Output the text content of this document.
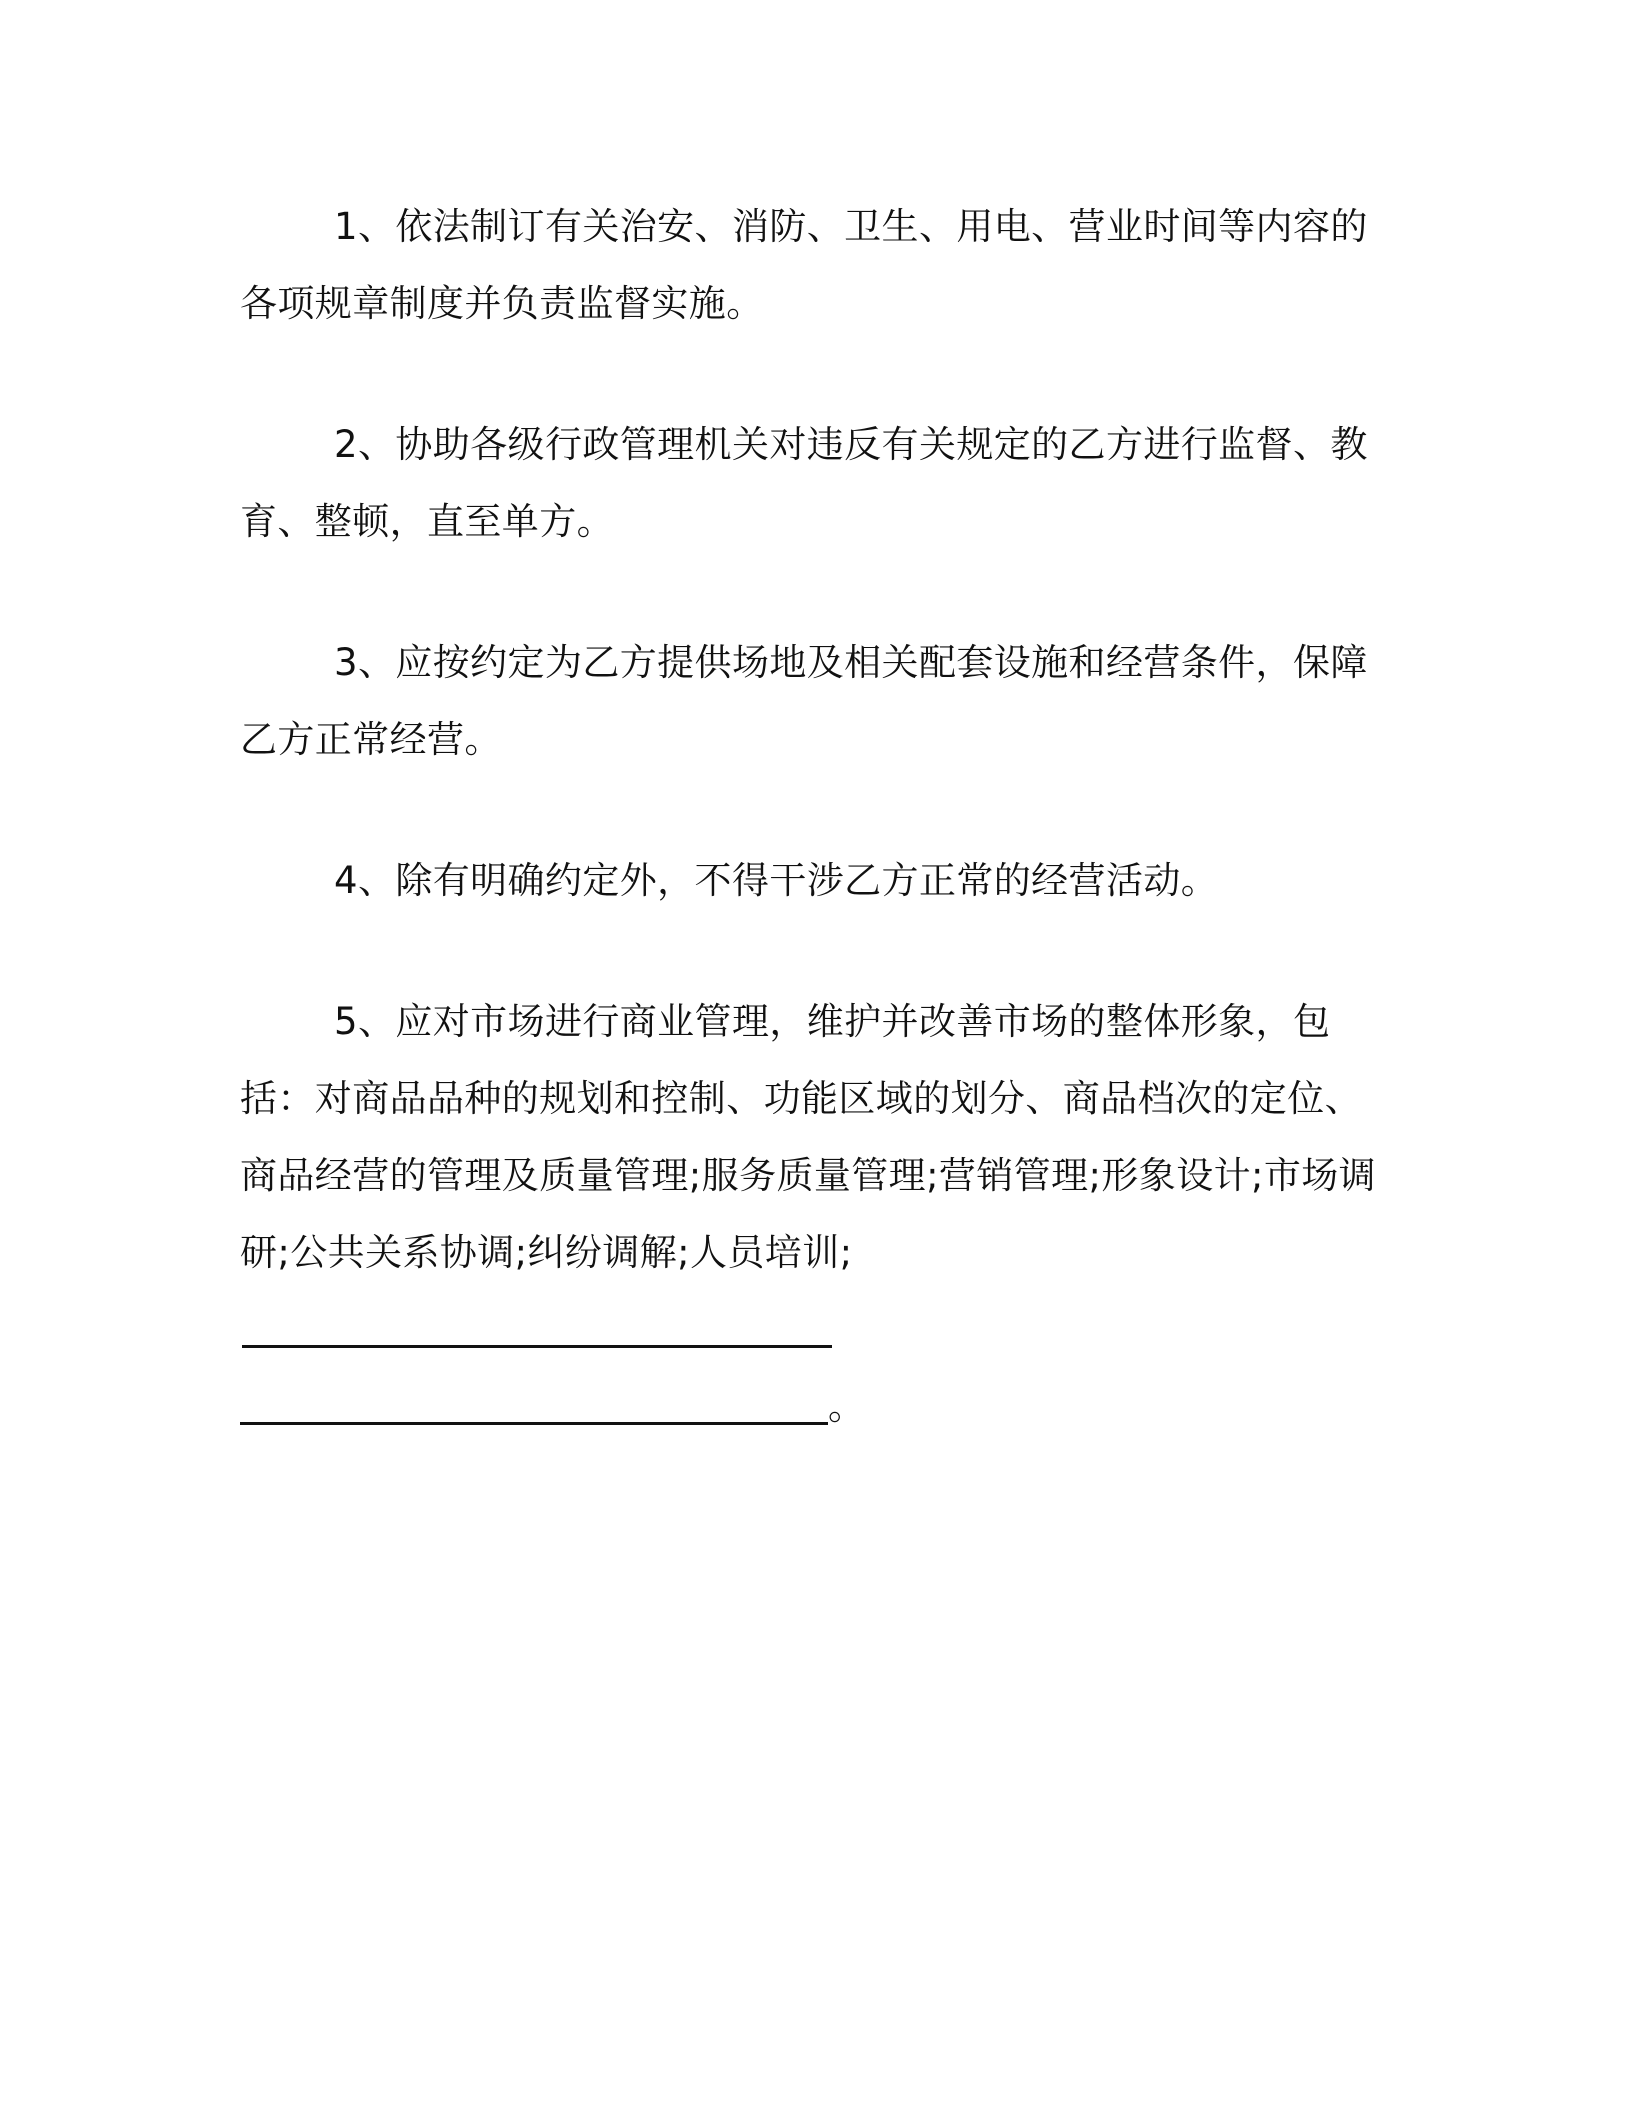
1、依法制订有关治安、消防、卫生、用电、营业时间等内容的各项规章制度并负责监督实施。

2、协助各级行政管理机关对违反有关规定的乙方进行监督、教育、整顿，直至单方。

3、应按约定为乙方提供场地及相关配套设施和经营条件，保障乙方正常经营。

4、除有明确约定外，不得干涉乙方正常的经营活动。

5、应对市场进行商业管理，维护并改善市场的整体形象，包括：对商品品种的规划和控制、功能区域的划分、商品档次的定位、商品经营的管理及质量管理;服务质量管理;营销管理;形象设计;市场调研;公共关系协调;纠纷调解;人员培训;
。
